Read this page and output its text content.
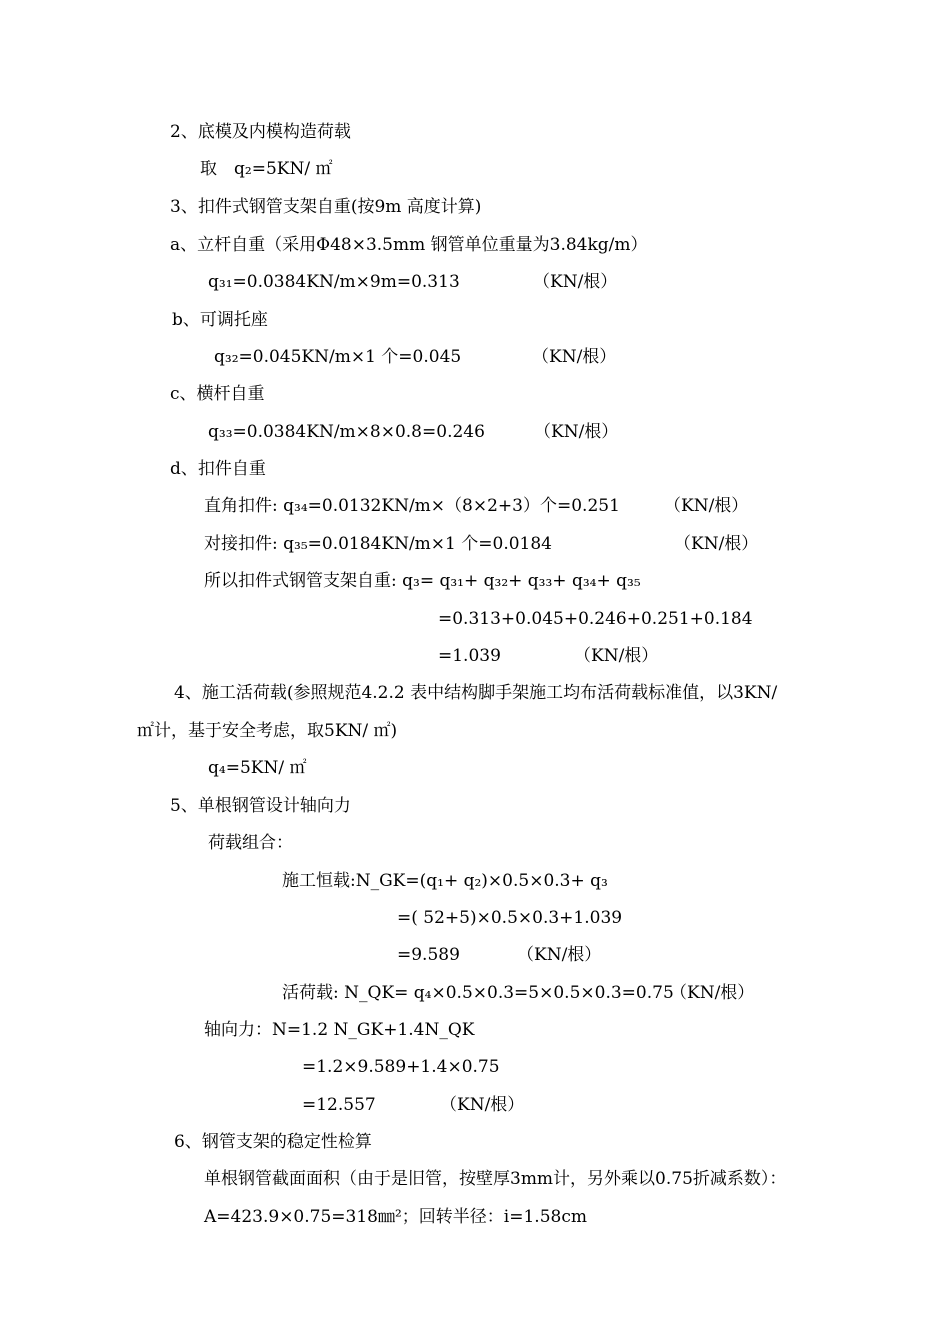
2、底模及内模构造荷载
取　q₂=5KN/ ㎡
3、扣件式钢管支架自重(按9m 高度计算)
a、立杆自重（采用Φ48×3.5mm 钢管单位重量为3.84kg/m）
q₃₁=0.0384KN/m×9m=0.313	（KN/根）
b、可调托座
q₃₂=0.045KN/m×1 个=0.045	（KN/根）
c、横杆自重
q₃₃=0.0384KN/m×8×0.8=0.246	（KN/根）
d、扣件自重
直角扣件: q₃₄=0.0132KN/m×（8×2+3）个=0.251	（KN/根）
对接扣件: q₃₅=0.0184KN/m×1 个=0.0184	（KN/根）
所以扣件式钢管支架自重: q₃= q₃₁+ q₃₂+ q₃₃+ q₃₄+ q₃₅
=0.313+0.045+0.246+0.251+0.184
=1.039	（KN/根）
4、施工活荷载(参照规范4.2.2 表中结构脚手架施工均布活荷载标准值，以3KN/
㎡计，基于安全考虑，取5KN/ ㎡)
q₄=5KN/ ㎡
5、单根钢管设计轴向力
荷载组合：
施工恒载:N_GK=(q₁+ q₂)×0.5×0.3+ q₃
=( 52+5)×0.5×0.3+1.039
=9.589	（KN/根）
活荷载: N_QK= q₄×0.5×0.3=5×0.5×0.3=0.75
（KN/根）
轴向力：N=1.2 N_GK+1.4N_QK
=1.2×9.589+1.4×0.75
=12.557	（KN/根）
6、钢管支架的稳定性检算
单根钢管截面面积（由于是旧管，按壁厚3mm计，另外乘以0.75折减系数）：
A=423.9×0.75=318㎜²；回转半径：i=1.58cm
